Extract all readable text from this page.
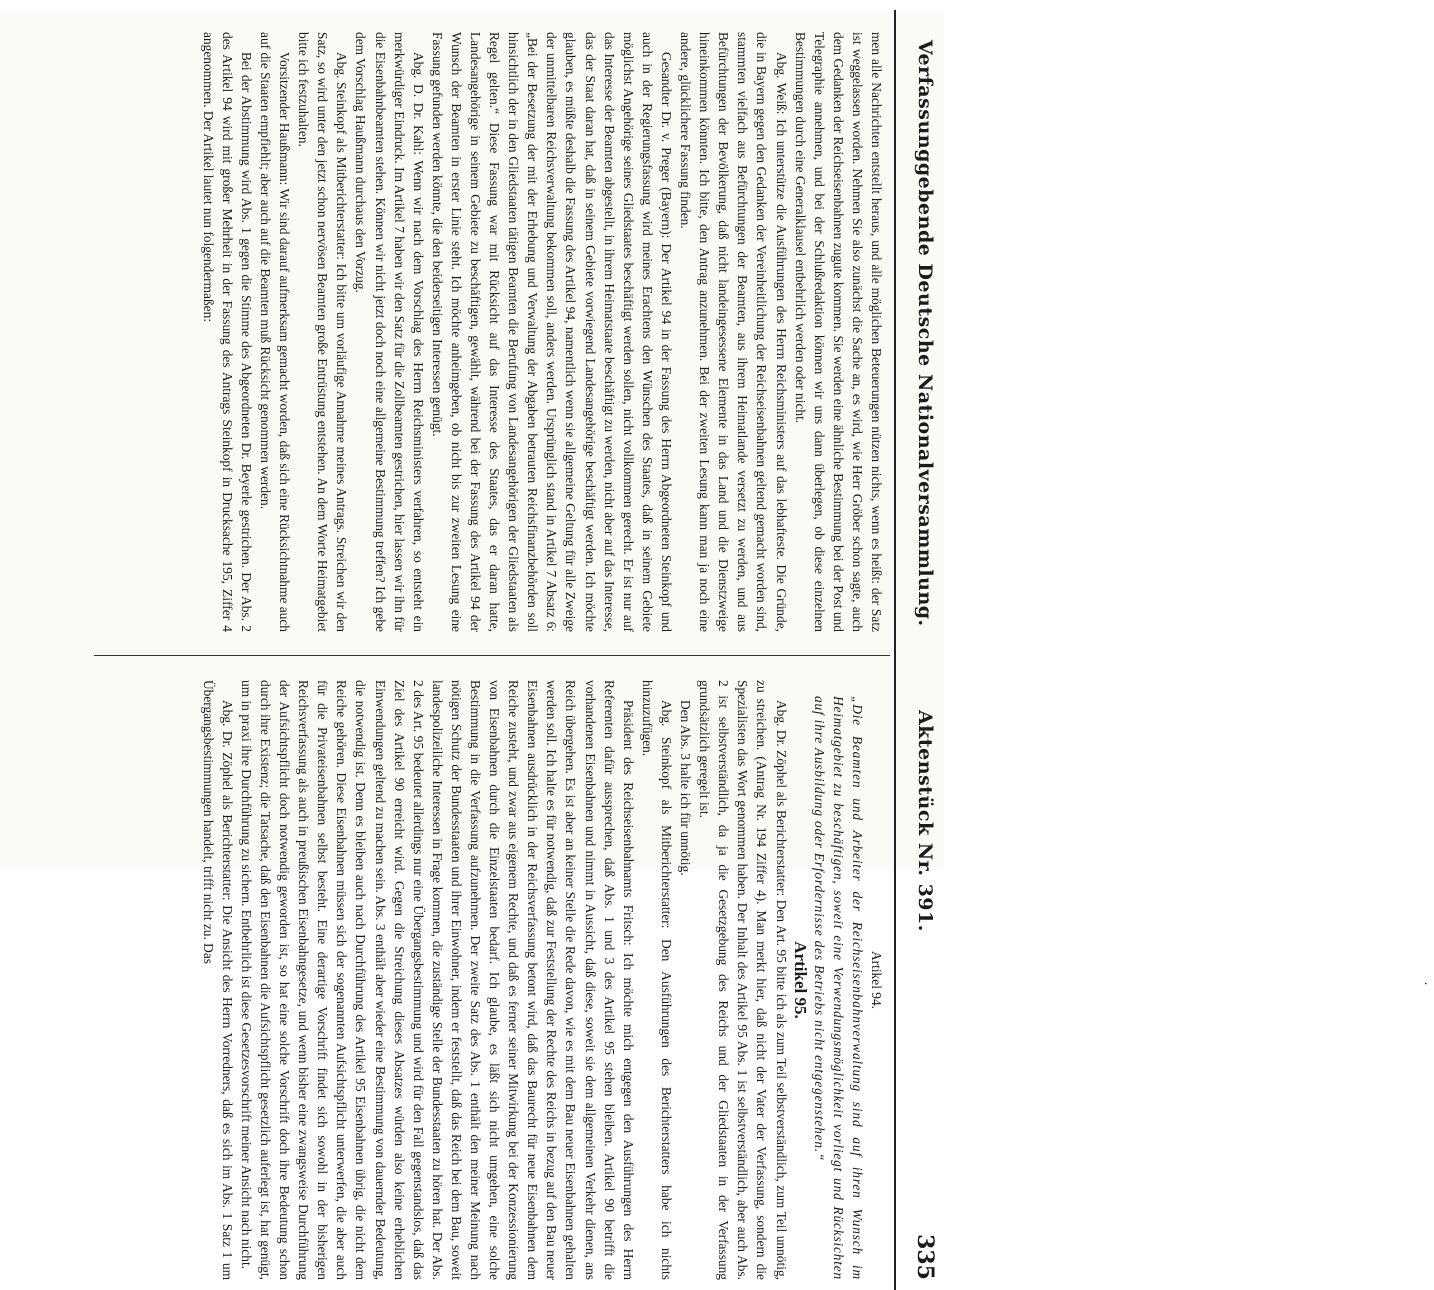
Verfassunggebende Deutsche Nationalversammlung.
Aktenstück Nr. 391.
335

men alle Nachrichten entstellt heraus, und alle möglichen Beteuerungen nützen nichts, wenn es heißt: der Satz ist weggelassen worden. Nehmen Sie also zunächst die Sache an, es wird, wie Herr Gröber schon sagte, auch dem Gedanken der Reichseisenbahnen zugute kommen. Sie werden eine ähnliche Bestimmung bei der Post und Telegraphie annehmen, und bei der Schlußredaktion können wir uns dann überlegen, ob diese einzelnen Bestimmungen durch eine Generalklausel entbehrlich werden oder nicht.

Abg. Weiß: Ich unterstütze die Ausführungen des Herrn Reichsministers auf das lebhafteste. Die Gründe, die in Bayern gegen den Gedanken der Vereinheitlichung der Reichseisenbahnen geltend gemacht worden sind, stammten vielfach aus Befürchtungen der Beamten, aus ihrem Heimatlande versetzt zu werden, und aus Befürchtungen der Bevölkerung, daß nicht landeingesessene Elemente in das Land und die Dienstzweige hineinkommen könnten. Ich bitte, den Antrag anzunehmen. Bei der zweiten Lesung kann man ja noch eine andere, glücklichere Fassung finden.

Gesandter Dr. v. Preger (Bayern): Der Artikel 94 in der Fassung des Herrn Abgeordneten Steinkopf und auch in der Regierungsfassung wird meines Erachtens den Wünschen des Staates, daß in seinem Gebiete möglichst Angehörige seines Gliedstaates beschäftigt werden sollen, nicht vollkommen gerecht. Er ist nur auf das Interesse der Beamten abgestellt, in ihrem Heimatstaate beschäftigt zu werden, nicht aber auf das Interesse, das der Staat daran hat, daß in seinem Gebiete vorwiegend Landesangehörige beschäftigt werden. Ich möchte glauben, es müßte deshalb die Fassung des Artikel 94, namentlich wenn sie allgemeine Geltung für alle Zweige der unmittelbaren Reichsverwaltung bekommen soll, anders werden. Ursprünglich stand in Artikel 7 Absatz 6: „Bei der Besetzung der mit der Erhebung und Verwaltung der Abgaben betrauten Reichsfinanzbehörden soll hinsichtlich der in den Gliedstaaten tätigen Beamten die Berufung von Landesangehörigen der Gliedstaaten als Regel gelten.“ Diese Fassung war mit Rücksicht auf das Interesse des Staates, das er daran hatte, Landesangehörige in seinem Gebiete zu beschäftigen, gewählt, während bei der Fassung des Artikel 94 der Wunsch der Beamten in erster Linie steht. Ich möchte anheimgeben, ob nicht bis zur zweiten Lesung eine Fassung gefunden werden könnte, die den beiderseitigen Interessen genügt.

Abg. D. Dr. Kahl: Wenn wir nach dem Vorschlag des Herrn Reichsministers verfahren, so entsteht ein merkwürdiger Eindruck. Im Artikel 7 haben wir den Satz für die Zollbeamten gestrichen, hier lassen wir ihn für die Eisenbahnbeamten stehen. Können wir nicht jetzt doch noch eine allgemeine Bestimmung treffen? Ich gebe dem Vorschlag Haußmann durchaus den Vorzug.

Abg. Steinkopf als Mitberichterstatter: Ich bitte um vorläufige Annahme meines Antrags. Streichen wir den Satz, so wird unter den jetzt schon nervösen Beamten große Entrüstung entstehen. An dem Worte Heimatgebiet bitte ich festzuhalten.

Vorsitzender Haußmann: Wir sind darauf aufmerksam gemacht worden, daß sich eine Rücksichtnahme auch auf die Staaten empfiehlt; aber auch auf die Beamten muß Rücksicht genommen werden.

Bei der Abstimmung wird Abs. 1 gegen die Stimme des Abgeordneten Dr. Beyerle gestrichen. Der Abs. 2 des Artikel 94 wird mit großer Mehrheit in der Fassung des Antrags Steinkopf in Drucksache 195, Ziffer 4 angenommen. Der Artikel lautet nun folgendermaßen:

Artikel 94.

„Die Beamten und Arbeiter der Reichseisenbahnverwaltung sind auf ihren Wunsch im Heimatgebiet zu beschäftigen, soweit eine Verwendungsmöglichkeit vorliegt und Rücksichten auf ihre Ausbildung oder Erfordernisse des Betriebs nicht entgegenstehen.“

Artikel 95.

Abg. Dr. Zöphel als Berichterstatter: Den Art. 95 bitte ich als zum Teil selbstverständlich, zum Teil unnötig, zu streichen. (Antrag Nr. 194 Ziffer 4). Man merkt hier, daß nicht der Vater der Verfassung, sondern die Spezialisten das Wort genommen haben. Der Inhalt des Artikel 95 Abs. 1 ist selbstverständlich, aber auch Abs. 2 ist selbstverständlich, da ja die Gesetzgebung des Reichs und der Gliedstaaten in der Verfassung grundsätzlich geregelt ist.

Den Abs. 3 halte ich für unnötig.

Abg. Steinkopf als Mitberichterstatter: Den Ausführungen des Berichterstatters habe ich nichts hinzuzufügen.

Präsident des Reichseisenbahnamts Fritsch: Ich möchte mich entgegen den Ausführungen des Herrn Referenten dafür aussprechen, daß Abs. 1 und 3 des Artikel 95 stehen bleiben. Artikel 90 betrifft die vorhandenen Eisenbahnen und nimmt in Aussicht, daß diese, soweit sie dem allgemeinen Verkehr dienen, ans Reich übergehen. Es ist aber an keiner Stelle die Rede davon, wie es mit dem Bau neuer Eisenbahnen gehalten werden soll. Ich halte es für notwendig, daß zur Feststellung der Rechte des Reichs in bezug auf den Bau neuer Eisenbahnen ausdrücklich in der Reichsverfassung betont wird, daß das Baurecht für neue Eisenbahnen dem Reiche zusteht, und zwar aus eigenem Rechte, und daß es ferner seiner Mitwirkung bei der Konzessionierung von Eisenbahnen durch die Einzelstaaten bedarf. Ich glaube, es läßt sich nicht umgehen, eine solche Bestimmung in die Verfassung aufzunehmen. Der zweite Satz des Abs. 1 enthält den meiner Meinung nach nötigen Schutz der Bundesstaaten und ihrer Einwohner, indem er feststellt, daß das Reich bei dem Bau, soweit landespolizeiliche Interessen in Frage kommen, die zuständige Stelle der Bundesstaaten zu hören hat. Der Abs. 2 des Art. 95 bedeutet allerdings nur eine Übergangsbestimmung und wird für den Fall gegenstandslos, daß das Ziel des Artikel 90 erreicht wird. Gegen die Streichung dieses Absatzes würden also keine erheblichen Einwendungen geltend zu machen sein. Abs. 3 enthält aber wieder eine Bestimmung von dauernder Bedeutung, die notwendig ist. Denn es bleiben auch nach Durchführung des Artikel 95 Eisenbahnen übrig, die nicht dem Reiche gehören. Diese Eisenbahnen müssen sich der sogenannten Aufsichtspflicht unterwerfen, die aber auch für die Privateisenbahnen selbst besteht. Eine derartige Vorschrift findet sich sowohl in der bisherigen Reichsverfassung als auch in preußischen Eisenbahngesetze, und wenn bisher eine zwangsweise Durchführung der Aufsichtspflicht doch notwendig geworden ist, so hat eine solche Vorschrift doch ihre Bedeutung schon durch ihre Existenz; die Tatsache, daß den Eisenbahnen die Aufsichtspflicht gesetzlich auferlegt ist, hat genügt, um in praxi ihre Durchführung zu sichern. Entbehrlich ist diese Gesetzesvorschrift meiner Ansicht nach nicht.

Abg. Dr. Zöphel als Berichterstatter: Die Ansicht des Herrn Vorredners, daß es sich im Abs. 1 Satz 1 um Übergangsbestimmungen handelt, trifft nicht zu. Das

·
